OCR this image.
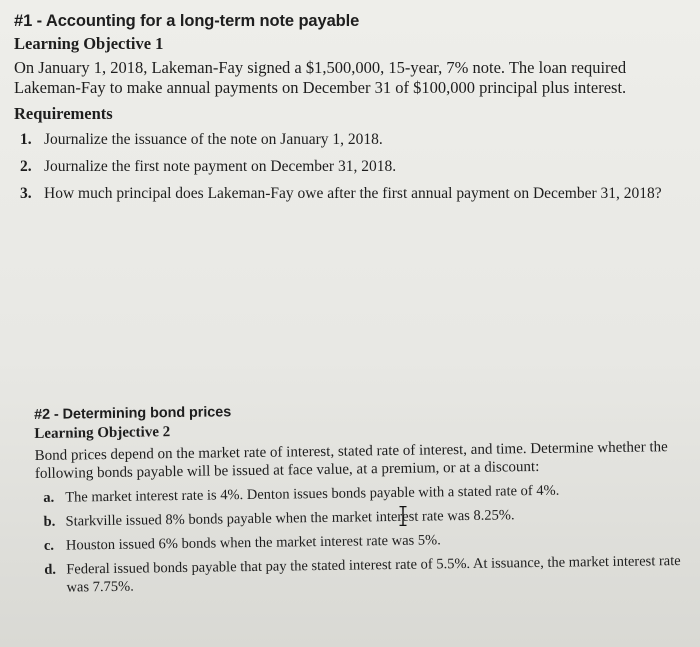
#1 - Accounting for a long-term note payable
Learning Objective 1
On January 1, 2018, Lakeman-Fay signed a $1,500,000, 15-year, 7% note. The loan required Lakeman-Fay to make annual payments on December 31 of $100,000 principal plus interest.
Requirements
1. Journalize the issuance of the note on January 1, 2018.
2. Journalize the first note payment on December 31, 2018.
3. How much principal does Lakeman-Fay owe after the first annual payment on December 31, 2018?
#2 - Determining bond prices
Learning Objective 2
Bond prices depend on the market rate of interest, stated rate of interest, and time. Determine whether the following bonds payable will be issued at face value, at a premium, or at a discount:
a. The market interest rate is 4%. Denton issues bonds payable with a stated rate of 4%.
b. Starkville issued 8% bonds payable when the market interest rate was 8.25%.
c. Houston issued 6% bonds when the market interest rate was 5%.
d. Federal issued bonds payable that pay the stated interest rate of 5.5%. At issuance, the market interest rate was 7.75%.
